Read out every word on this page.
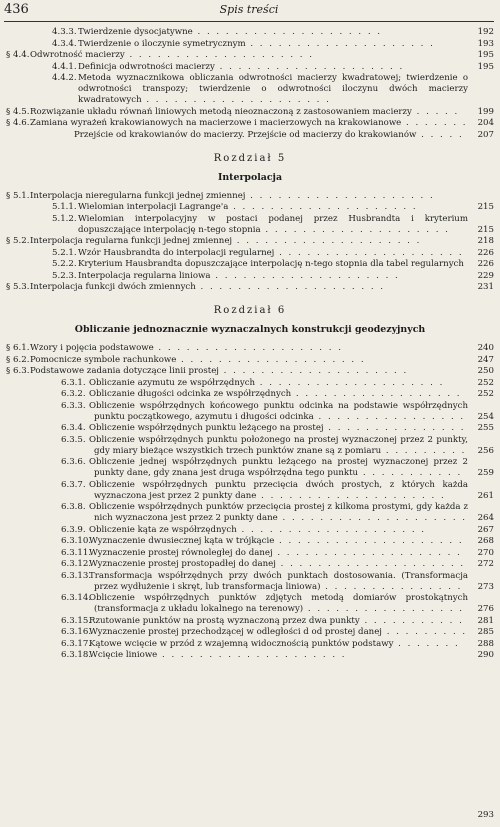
436	Spis treści
4.3.3. Twierdzenie dysocjatywne . . . . . . . . . . . . . . . . . . . .	192
4.3.4. Twierdzenie o iloczynie symetrycznym . . . . . . . . . . . . . . . . . . . .	193
§ 4.4. Odwrotność macierzy . . . . . . . . . . . . . . . . . . . .	195
4.4.1. Definicja odwrotności macierzy . . . . . . . . . . . . . . . . . . . .	195
4.4.2. Metoda wyznacznikowa obliczania odwrotności macierzy kwadratowej; twierdzenie o odwrotności transpozy; twierdzenie o odwrotności iloczynu dwóch macierzy kwadratowych . . . . . . . . . . . . . . . . . . . .
§ 4.5. Rozwiązanie układu równań liniowych metodą nieoznaczoną z zastosowaniem macierzy . . . . .	199
§ 4.6. Zamiana wyrażeń krakowianowych na macierzowe i macierzowych na krakowianowe . . . . . . . 204
Przejście od krakowianów do macierzy. Przejście od macierzy do krakowianów . . . . .	207
Rozdział 5
Interpolacja
§ 5.1. Interpolacja nieregularna funkcji jednej zmiennej . . . . . . . . . . . . . . . . . . . .
5.1.1. Wielomian interpolacji Lagrange'a . . . . . . . . . . . . . . . . . . . .	215
5.1.2. Wielomian interpolacyjny w postaci podanej przez Husbrandta i kryterium dopuszczające interpolację n-tego stopnia . . . . . . . . . . . . . . . . . . . .	215
§ 5.2. Interpolacja regularna funkcji jednej zmiennej . . . . . . . . . . . . . . . . . . . .	218
5.2.1. Wzór Hausbrandta do interpolacji regularnej . . . . . . . . . . . . . . . . . . . .	226
5.2.2. Kryterium Hausbrandta dopuszczające interpolację n-tego stopnia dla tabel regularnych	226
5.2.3. Interpolacja regularna liniowa . . . . . . . . . . . . . . . . . . . .	229
§ 5.3. Interpolacja funkcji dwóch zmiennych . . . . . . . . . . . . . . . . . . . .	231
Rozdział 6
Obliczanie jednoznacznie wyznaczalnych konstrukcji geodezyjnych
§ 6.1. Wzory i pojęcia podstawowe . . . . . . . . . . . . . . . . . . . .	240
§ 6.2. Pomocnicze symbole rachunkowe . . . . . . . . . . . . . . . . . . . .	247
§ 6.3. Podstawowe zadania dotyczące linii prostej . . . . . . . . . . . . . . . . . . . .	250
6.3.1. Obliczanie azymutu ze współrzędnych . . . . . . . . . . . . . . . . . . . .	252
6.3.2. Obliczanie długości odcinka ze współrzędnych . . . . . . . . . . . . . . . . . .	252
6.3.3. Obliczenie współrzędnych końcowego punktu odcinka na podstawie współrzędnych punktu początkowego, azymutu i długości odcinka . . . . . . . . . . . . . . . .	254
6.3.4. Obliczenie współrzędnych punktu leżącego na prostej . . . . . . . . . . . . . . . 255
6.3.5. Obliczenie współrzędnych punktu położonego na prostej wyznaczonej przez 2 punkty, gdy miary bieżące wszystkich trzech punktów znane są z pomiaru . . . . . . . . . 256
6.3.6. Obliczenie jednej współrzędnych punktu leżącego na prostej wyznaczonej przez 2 punkty dane, gdy znana jest druga współrzędna tego punktu . . . . . . . . . . .	259
6.3.7. Obliczenie współrzędnych punktu przecięcia dwóch prostych, z których każda wyznaczona jest przez 2 punkty dane . . . . . . . . . . . . . . . . . . . .	261
6.3.8. Obliczenie współrzędnych punktów przecięcia prostej z kilkoma prostymi, gdy każda z nich wyznaczona jest przez 2 punkty dane . . . . . . . . . . . . . . . . . . . . 264
6.3.9. Obliczenie kąta ze współrzędnych . . . . . . . . . . . . . . . . . . . .	267
6.3.10.
Wyznaczenie dwusiecznej kąta w trójkącie . . . . . . . . . . . . . . . . . . . .	268
6.3.11.
Wyznaczenie prostej równoległej do danej . . . . . . . . . . . . . . . . . . . .	270
6.3.12.
Wyznaczenie prostej prostopadłej do danej . . . . . . . . . . . . . . . . . . . .	272
6.3.13.
Transformacja współrzędnych przy dwóch punktach dostosowania. (Transformacja przez wydłużenie i skręt, lub transformacja liniowa) . . . . . . . . . . . . . . .	273
6.3.14.
Obliczenie współrzędnych punktów zdjętych metodą domiarów prostokątnych (transformacja z układu lokalnego na terenowy) . . . . . . . . . . . . . . . . .	276
6.3.15.
Rzutowanie punktów na prostą wyznaczoną przez dwa punkty . . . . . . . . . . .	281
6.3.16.
Wyznaczenie prostej przechodzącej w odległości d od prostej danej . . . . . . . . . 285
6.3.17.
Kątowe wcięcie w przód z wzajemną widocznością punktów podstawy . . . . . . .	288
6.3.18.
Wcięcie liniowe . . . . . . . . . . . . . . . . . . . .	290
293
